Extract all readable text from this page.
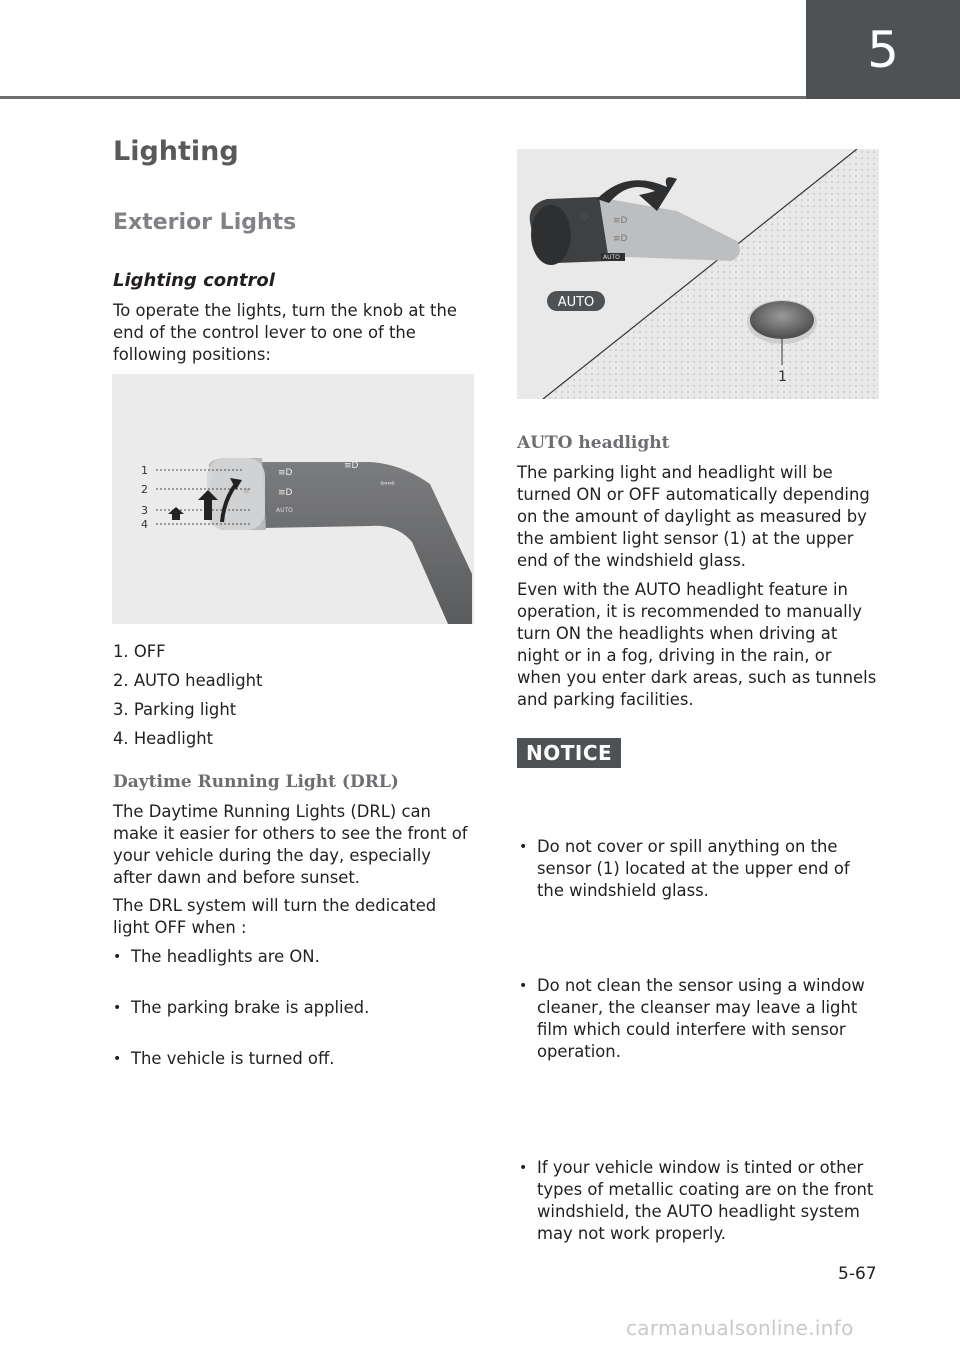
5
Lighting
Exterior Lights
Lighting control

To operate the lights, turn the knob at the end of the control lever to one of the following positions:

≡D
≡D
☼
≡D
⇦⇨
AUTO
1
2
3
4
1. OFF
2. AUTO headlight
3. Parking light
4. Headlight
Daytime Running Light (DRL)

The Daytime Running Lights (DRL) can make it easier for others to see the front of your vehicle during the day, especially after dawn and before sunset.

The DRL system will turn the dedicated light OFF when :

• The headlights are ON.
• The parking brake is applied.
• The vehicle is turned off.
AUTO
☼	≡D
≡D
AUTO
1
AUTO headlight

The parking light and headlight will be turned ON or OFF automatically depending on the amount of daylight as measured by the ambient light sensor (1) at the upper end of the windshield glass.

Even with the AUTO headlight feature in operation, it is recommended to manually turn ON the headlights when driving at night or in a fog, driving in the rain, or when you enter dark areas, such as tunnels and parking facilities.

NOTICE
• Do not cover or spill anything on the sensor (1) located at the upper end of the windshield glass.
• Do not clean the sensor using a window cleaner, the cleanser may leave a light film which could interfere with sensor operation.
• If your vehicle window is tinted or other types of metallic coating are on the front windshield, the AUTO headlight system may not work properly.
5-67
carmanualsonline.info
